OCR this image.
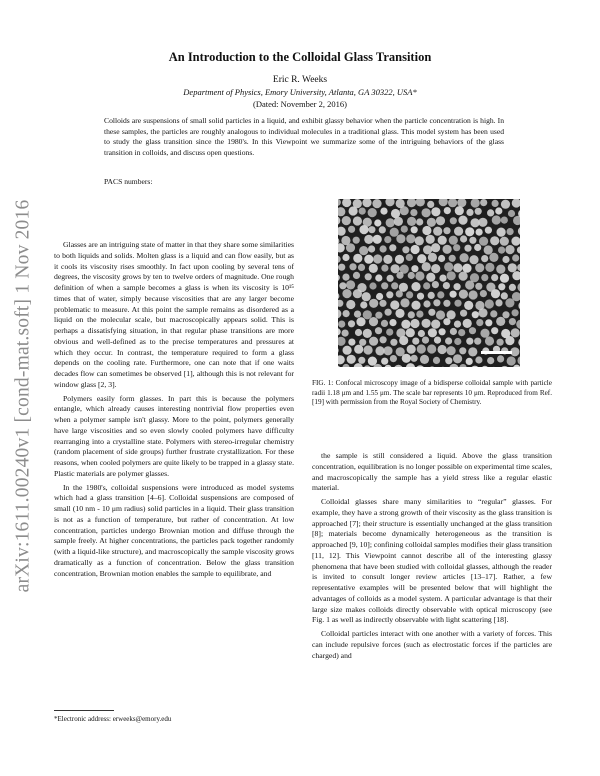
arXiv:1611.00240v1 [cond-mat.soft] 1 Nov 2016
An Introduction to the Colloidal Glass Transition
Eric R. Weeks
Department of Physics, Emory University, Atlanta, GA 30322, USA*
(Dated: November 2, 2016)

Colloids are suspensions of small solid particles in a liquid, and exhibit glassy behavior when the particle concentration is high. In these samples, the particles are roughly analogous to individual molecules in a traditional glass. This model system has been used to study the glass transition since the 1980's. In this Viewpoint we summarize some of the intriguing behaviors of the glass transition in colloids, and discuss open questions.

PACS numbers:

Glasses are an intriguing state of matter in that they share some similarities to both liquids and solids. Molten glass is a liquid and can flow easily, but as it cools its viscosity rises smoothly. In fact upon cooling by several tens of degrees, the viscosity grows by ten to twelve orders of magnitude. One rough definition of when a sample becomes a glass is when its viscosity is 10¹⁵ times that of water, simply because viscosities that are any larger become problematic to measure. At this point the sample remains as disordered as a liquid on the molecular scale, but macroscopically appears solid. This is perhaps a dissatisfying situation, in that regular phase transitions are more obvious and well-defined as to the precise temperatures and pressures at which they occur. In contrast, the temperature required to form a glass depends on the cooling rate. Furthermore, one can note that if one waits decades flow can sometimes be observed [1], although this is not relevant for window glass [2, 3].

Polymers easily form glasses. In part this is because the polymers entangle, which already causes interesting nontrivial flow properties even when a polymer sample isn't glassy. More to the point, polymers generally have large viscosities and so even slowly cooled polymers have difficulty rearranging into a crystalline state. Polymers with stereo-irregular chemistry (random placement of side groups) further frustrate crystallization. For these reasons, when cooled polymers are quite likely to be trapped in a glassy state. Plastic materials are polymer glasses.

In the 1980's, colloidal suspensions were introduced as model systems which had a glass transition [4–6]. Colloidal suspensions are composed of small (10 nm - 10 μm radius) solid particles in a liquid. Their glass transition is not as a function of temperature, but rather of concentration. At low concentration, particles undergo Brownian motion and diffuse through the sample freely. At higher concentrations, the particles pack together randomly (with a liquid-like structure), and macroscopically the sample viscosity grows dramatically as a function of concentration. Below the glass transition concentration, Brownian motion enables the sample to equilibrate, and

FIG. 1: Confocal microscopy image of a bidisperse colloidal sample with particle radii 1.18 μm and 1.55 μm. The scale bar represents 10 μm. Reproduced from Ref. [19] with permission from the Royal Society of Chemistry.

the sample is still considered a liquid. Above the glass transition concentration, equilibration is no longer possible on experimental time scales, and macroscopically the sample has a yield stress like a regular elastic material.

Colloidal glasses share many similarities to “regular” glasses. For example, they have a strong growth of their viscosity as the glass transition is approached [7]; their structure is essentially unchanged at the glass transition [8]; materials become dynamically heterogeneous as the transition is approached [9, 10]; confining colloidal samples modifies their glass transition [11, 12]. This Viewpoint cannot describe all of the interesting glassy phenomena that have been studied with colloidal glasses, although the reader is invited to consult longer review articles [13–17]. Rather, a few representative examples will be presented below that will highlight the advantages of colloids as a model system. A particular advantage is that their large size makes colloids directly observable with optical microscopy (see Fig. 1 as well as indirectly observable with light scattering [18].

Colloidal particles interact with one another with a variety of forces. This can include repulsive forces (such as electrostatic forces if the particles are charged) and

*Electronic address: erweeks@emory.edu
